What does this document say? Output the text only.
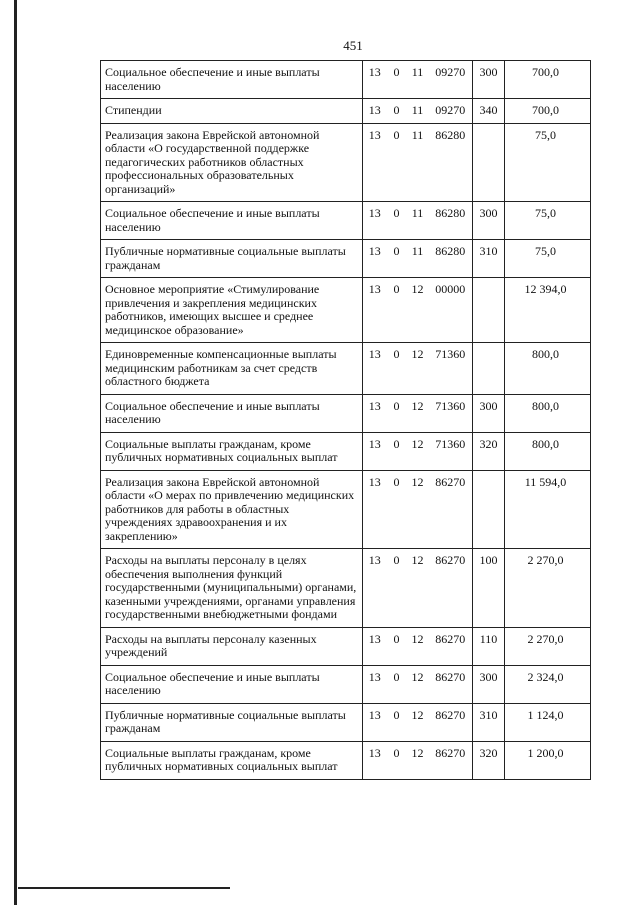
451
Социальное обеспечение и иные выплаты населению	13	0	11	09270	300	700,0
Стипендии	13	0	11	09270	340	700,0
Реализация закона Еврейской автономной области «О государственной поддержке педагогических работников областных профессиональных образовательных организаций»	13	0	11	86280		75,0
Социальное обеспечение и иные выплаты населению	13	0	11	86280	300	75,0
Публичные нормативные социальные выплаты гражданам	13	0	11	86280	310	75,0
Основное мероприятие «Стимулирование привлечения и закрепления медицинских работников, имеющих высшее и среднее медицинское образование»	13	0	12	00000		12 394,0
Единовременные компенсационные выплаты медицинским работникам за счет средств областного бюджета	13	0	12	71360		800,0
Социальное обеспечение и иные выплаты населению	13	0	12	71360	300	800,0
Социальные выплаты гражданам, кроме публичных нормативных социальных выплат	13	0	12	71360	320	800,0
Реализация закона Еврейской автономной области «О мерах по привлечению медицинских работников для работы в областных учреждениях здравоохранения и их закреплению»	13	0	12	86270		11 594,0
Расходы на выплаты персоналу в целях обеспечения выполнения функций государственными (муниципальными) органами, казенными учреждениями, органами управления государственными внебюджетными фондами	13	0	12	86270	100	2 270,0
Расходы на выплаты персоналу казенных учреждений	13	0	12	86270	110	2 270,0
Социальное обеспечение и иные выплаты населению	13	0	12	86270	300	2 324,0
Публичные нормативные социальные выплаты гражданам	13	0	12	86270	310	1 124,0
Социальные выплаты гражданам, кроме публичных нормативных социальных выплат	13	0	12	86270	320	1 200,0
